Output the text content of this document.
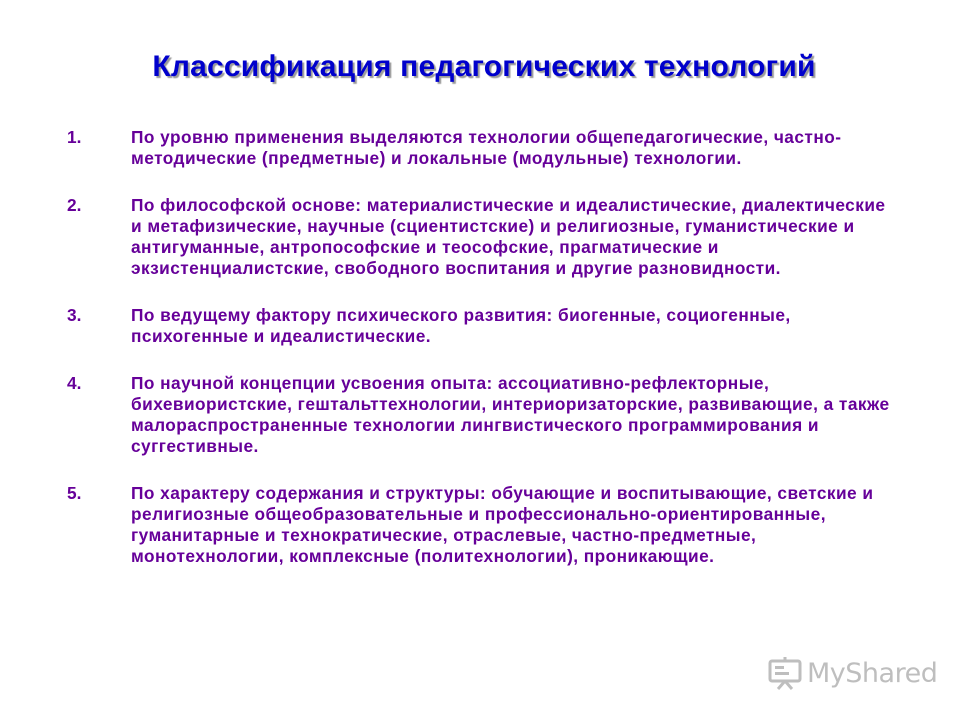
Классификация педагогических технологий
1.	По уровню применения выделяются технологии общепедагогические, частно-методические (предметные) и локальные (модульные) технологии.
2.	По философской основе: материалистические и идеалистические, диалектические и метафизические, научные (сциентистские) и религиозные, гуманистические и антигуманные, антропософские и теософские, прагматические и экзистенциалистские, свободного воспитания и другие разновидности.
3.	По ведущему фактору психического развития: биогенные, социогенные, психогенные и идеалистические.
4.	По научной концепции усвоения опыта: ассоциативно-рефлекторные, бихевиористские, гештальттехнологии, интериоризаторские, развивающие, а также малораспространенные технологии лингвистического программирования и суггестивные.
5.	По характеру содержания и структуры: обучающие и воспитывающие, светские и религиозные общеобразовательные и профессионально-ориентированные, гуманитарные и технократические, отраслевые, частно-предметные, монотехнологии, комплексные (политехнологии), проникающие.
MyShared
